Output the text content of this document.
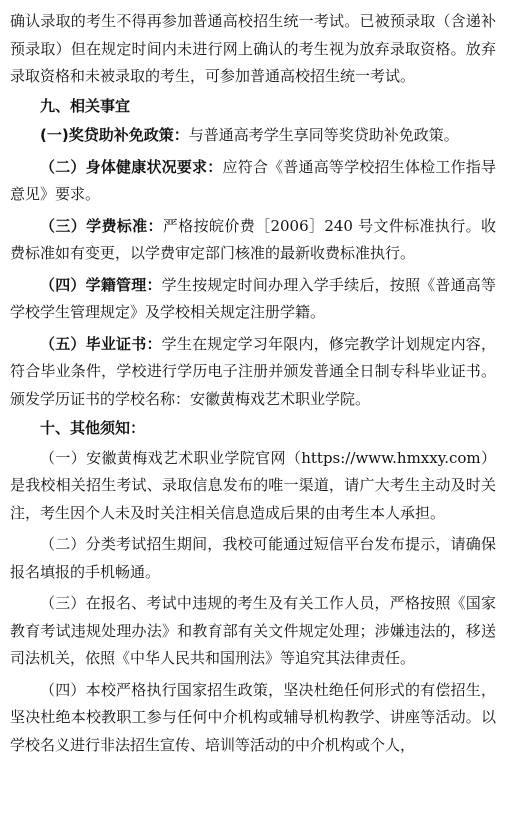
确认录取的考生不得再参加普通高校招生统一考试。已被预录取（含递补预录取）但在规定时间内未进行网上确认的考生视为放弃录取资格。放弃录取资格和未被录取的考生，可参加普通高校招生统一考试。

九、相关事宜

(一)奖贷助补免政策：与普通高考学生享同等奖贷助补免政策。

（二）身体健康状况要求：应符合《普通高等学校招生体检工作指导意见》要求。

（三）学费标准：严格按皖价费［2006］240 号文件标准执行。收费标准如有变更，以学费审定部门核准的最新收费标准执行。

（四）学籍管理：学生按规定时间办理入学手续后，按照《普通高等学校学生管理规定》及学校相关规定注册学籍。

（五）毕业证书：学生在规定学习年限内，修完教学计划规定内容，符合毕业条件，学校进行学历电子注册并颁发普通全日制专科毕业证书。颁发学历证书的学校名称：安徽黄梅戏艺术职业学院。

十、其他须知：

（一）安徽黄梅戏艺术职业学院官网（https://www.hmxxy.com）是我校相关招生考试、录取信息发布的唯一渠道，请广大考生主动及时关注，考生因个人未及时关注相关信息造成后果的由考生本人承担。

（二）分类考试招生期间，我校可能通过短信平台发布提示，请确保报名填报的手机畅通。

（三）在报名、考试中违规的考生及有关工作人员，严格按照《国家教育考试违规处理办法》和教育部有关文件规定处理；涉嫌违法的，移送司法机关，依照《中华人民共和国刑法》等追究其法律责任。

（四）本校严格执行国家招生政策，坚决杜绝任何形式的有偿招生，坚决杜绝本校教职工参与任何中介机构或辅导机构教学、讲座等活动。以学校名义进行非法招生宣传、培训等活动的中介机构或个人，
